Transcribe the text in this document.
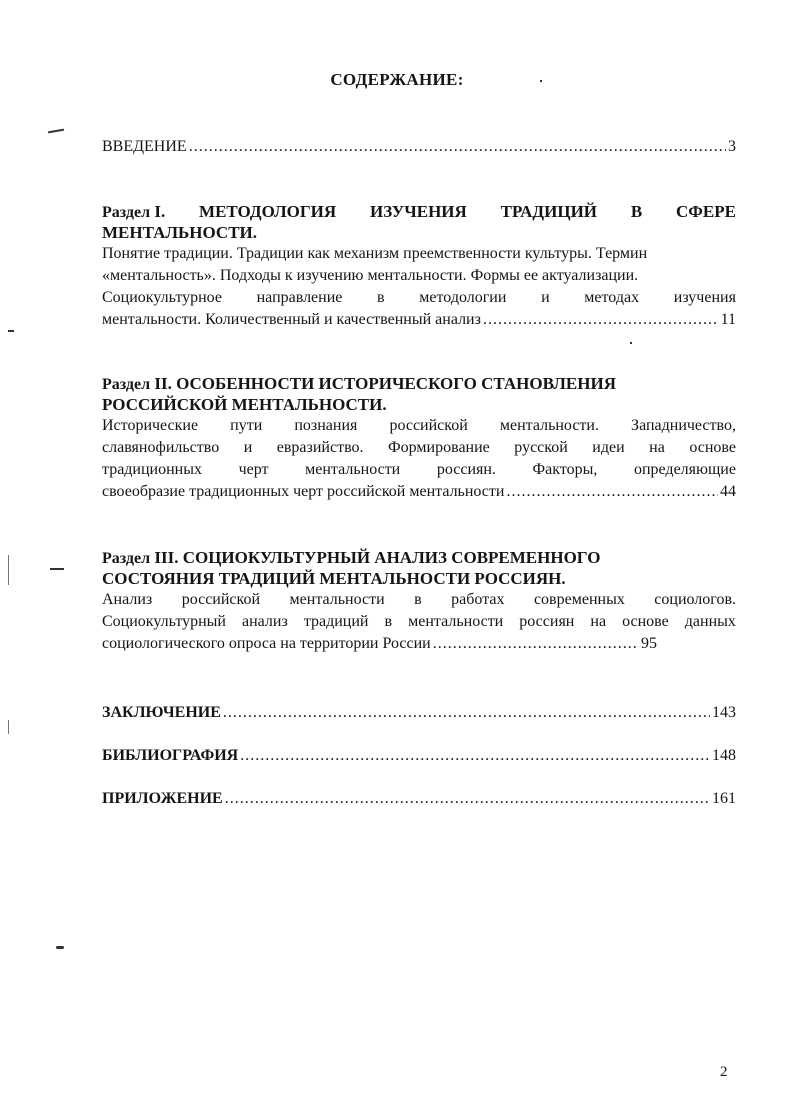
СОДЕРЖАНИЕ:
ВВЕДЕНИЕ .....	3
Раздел I. МЕТОДОЛОГИЯ ИЗУЧЕНИЯ ТРАДИЦИЙ В СФЕРЕ
МЕНТАЛЬНОСТИ.
Понятие традиции. Традиции как механизм преемственности культуры. Термин
«ментальность». Подходы к изучению ментальности. Формы ее актуализации.
Социокультурное направление в методологии и методах изучения
ментальности. Количественный и качественный анализ .....	11
Раздел II. ОСОБЕННОСТИ ИСТОРИЧЕСКОГО СТАНОВЛЕНИЯ
РОССИЙСКОЙ МЕНТАЛЬНОСТИ.
Исторические пути познания российской ментальности. Западничество,
славянофильство и евразийство. Формирование русской идеи на основе
традиционных черт ментальности россиян. Факторы, определяющие
своеобразие традиционных черт российской ментальности .....	44
Раздел III. СОЦИОКУЛЬТУРНЫЙ АНАЛИЗ СОВРЕМЕННОГО
СОСТОЯНИЯ ТРАДИЦИЙ МЕНТАЛЬНОСТИ РОССИЯН.
Анализ российской ментальности в работах современных социологов.
Социокультурный анализ традиций в ментальности россиян на основе данных
социологического опроса на территории России .....	95
ЗАКЛЮЧЕНИЕ .....	143
БИБЛИОГРАФИЯ .....	148
ПРИЛОЖЕНИЕ .....	161
2
